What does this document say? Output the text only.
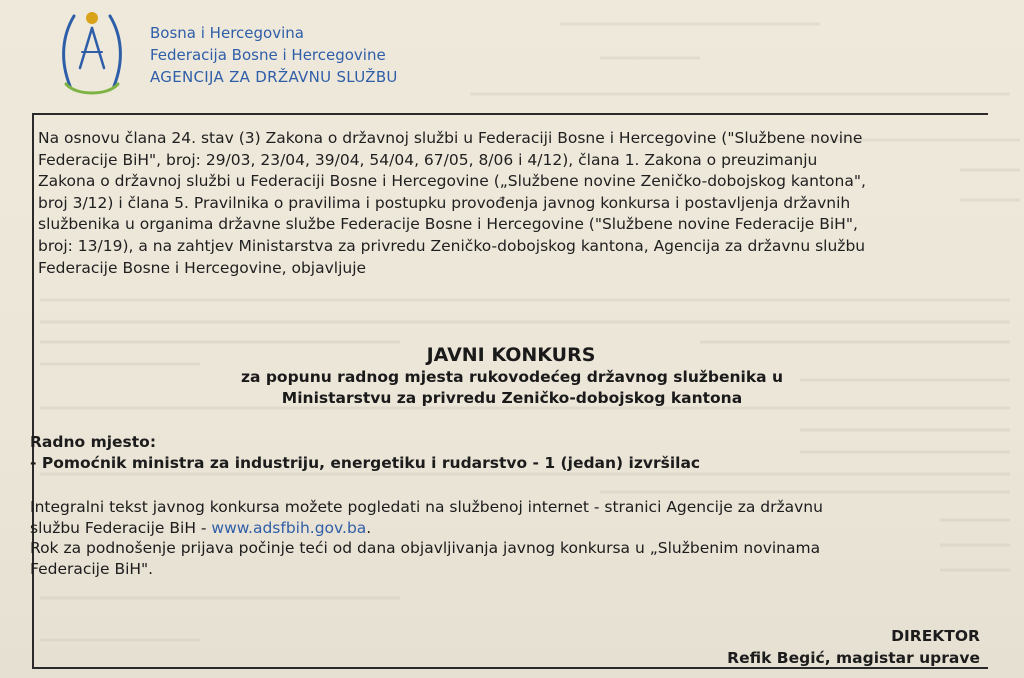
Bosna i Hercegovina
Federacija Bosne i Hercegovine
AGENCIJA ZA DRŽAVNU SLUŽBU
Na osnovu člana 24. stav (3) Zakona o državnoj službi u Federaciji Bosne i Hercegovine ("Službene novine
Federacije BiH", broj: 29/03, 23/04, 39/04, 54/04, 67/05, 8/06 i 4/12), člana 1. Zakona o preuzimanju
Zakona o državnoj službi u Federaciji Bosne i Hercegovine („Službene novine Zeničko-dobojskog kantona",
broj 3/12) i člana 5. Pravilnika o pravilima i postupku provođenja javnog konkursa i postavljenja državnih
službenika u organima državne službe Federacije Bosne i Hercegovine ("Službene novine Federacije BiH",
broj: 13/19), a na zahtjev Ministarstva za privredu Zeničko-dobojskog kantona, Agencija za državnu službu
Federacije Bosne i Hercegovine, objavljuje
JAVNI KONKURS
za popunu radnog mjesta rukovodećeg državnog službenika u
Ministarstvu za privredu Zeničko-dobojskog kantona
Radno mjesto:
- Pomoćnik ministra za industriju, energetiku i rudarstvo - 1 (jedan) izvršilac
Integralni tekst javnog konkursa možete pogledati na službenoj internet - stranici Agencije za državnu
službu Federacije BiH - www.adsfbih.gov.ba.
Rok za podnošenje prijava počinje teći od dana objavljivanja javnog konkursa u „Službenim novinama
Federacije BiH".
DIREKTOR
Refik Begić, magistar uprave
